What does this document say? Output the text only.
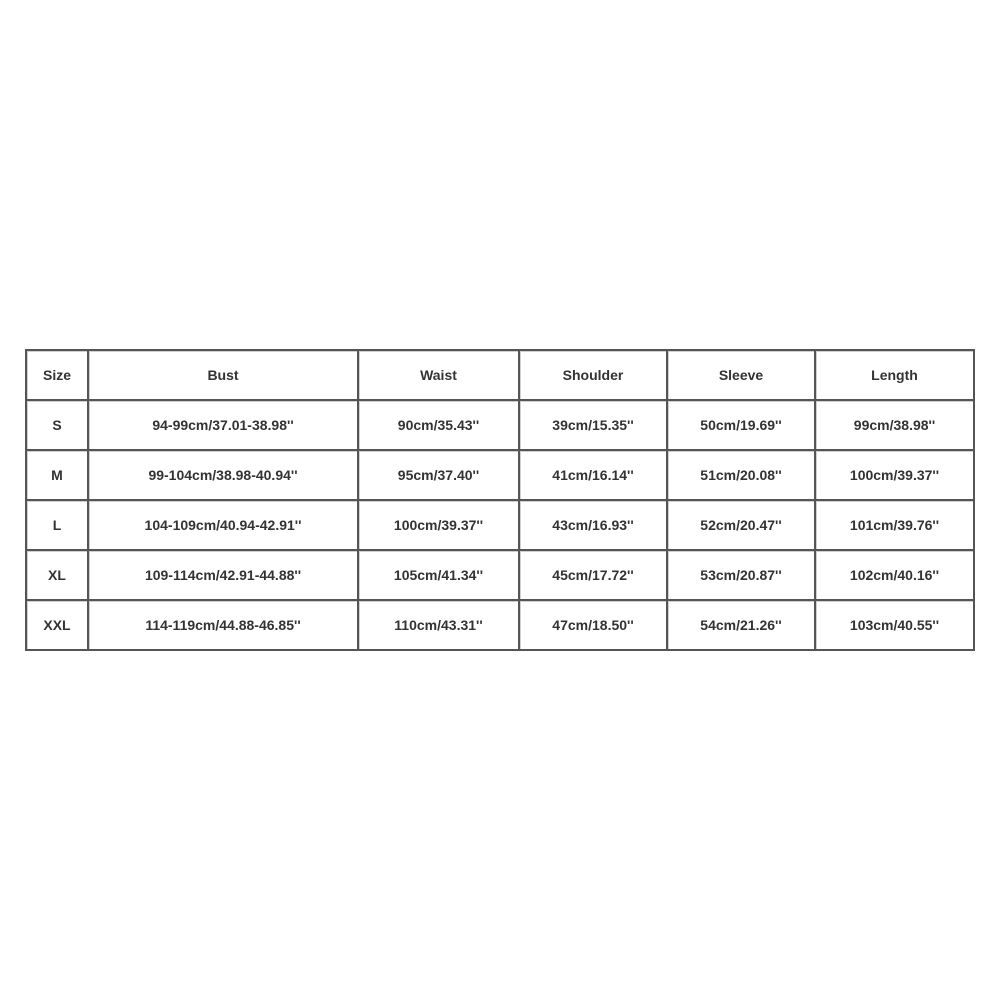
Size	Bust	Waist	Shoulder	Sleeve	Length
S	94-99cm/37.01-38.98''	90cm/35.43''	39cm/15.35''	50cm/19.69''	99cm/38.98''
M	99-104cm/38.98-40.94''	95cm/37.40''	41cm/16.14''	51cm/20.08''	100cm/39.37''
L	104-109cm/40.94-42.91''	100cm/39.37''	43cm/16.93''	52cm/20.47''	101cm/39.76''
XL	109-114cm/42.91-44.88''	105cm/41.34''	45cm/17.72''	53cm/20.87''	102cm/40.16''
XXL	114-119cm/44.88-46.85''	110cm/43.31''	47cm/18.50''	54cm/21.26''	103cm/40.55''
